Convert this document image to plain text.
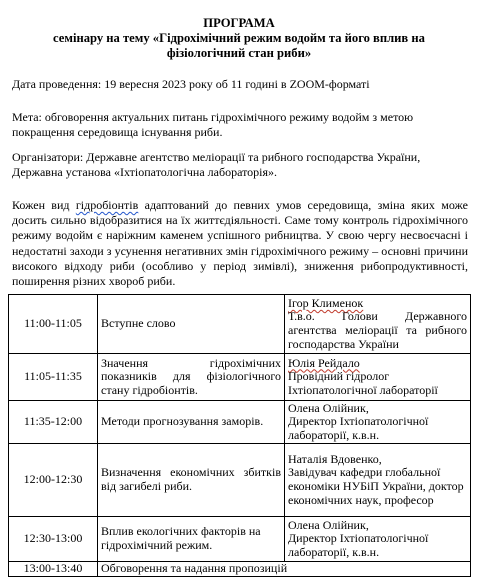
ПРОГРАМА
семінару на тему «Гідрохімічний режим водойм та його вплив на
фізіологічний стан риби»
Дата проведення: 19 вересня 2023 року об 11 годині в ZOOM-форматі
Мета: обговорення актуальних питань гідрохімічного режиму водойм з метою покращення середовища існування риби.
Організатори: Державне агентство меліорації та рибного господарства України, Державна установа «Іхтіопатологічна лабораторія».
Кожен вид гідробіонтів адаптований до певних умов середовища, зміна яких може досить сильно відобразитися на їх життєдіяльності. Саме тому контроль гідрохімічного режиму водойм є наріжним каменем успішного рибництва. У свою чергу несвоєчасні і недостатні заходи з усунення негативних змін гідрохімічного режиму – основні причини високого відходу риби (особливо у період зимівлі), зниження рибопродуктивності, поширення різних хвороб риби.
11:00-11:05	Вступне слово	Ігор Клименок
Т.в.о. Голови Державного агентства меліорації та рибного господарства України

11:05-11:35	Значення гідрохімічних показників для фізіологічного стану гідробіонтів.	Юлія Рейдало
Провідний гідролог Іхтіопатологічної лабораторії

11:35-12:00	Методи прогнозування заморів.	Олена Олійник,
Директор Іхтіопатологічної лабораторії, к.в.н.

12:00-12:30	Визначення економічних збитків від загибелі риби.	Наталія Вдовенко,
Завідувач кафедри глобальної економіки НУБіП України, доктор економічних наук, професор

12:30-13:00	Вплив екологічних факторів на гідрохімічний режим.	Олена Олійник,
Директор Іхтіопатологічної лабораторії, к.в.н.

13:00-13:40	Обговорення та надання пропозицій	
